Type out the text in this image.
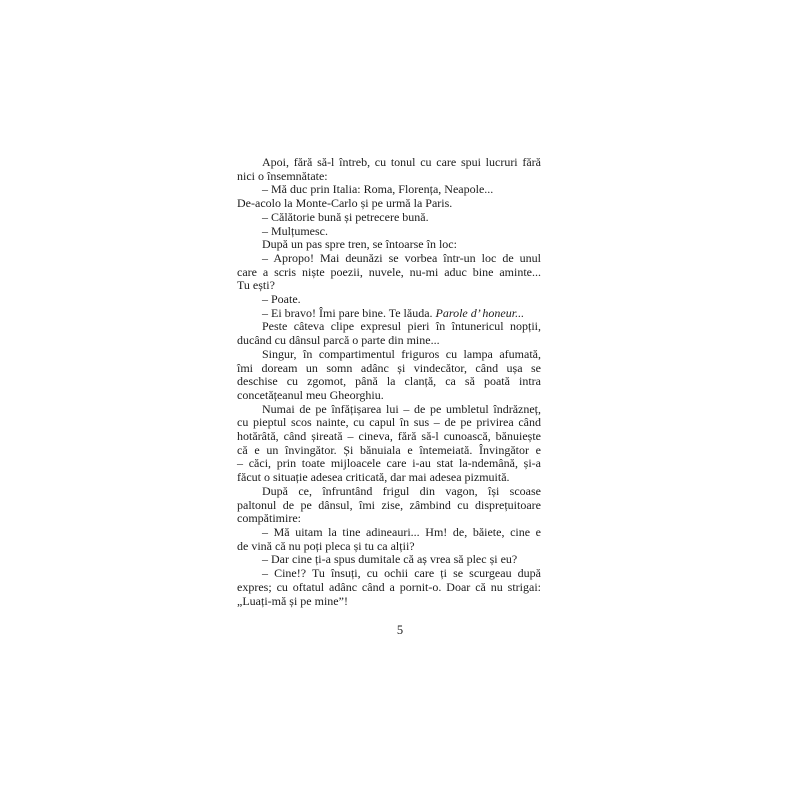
Apoi, fără să-l întreb, cu tonul cu care spui lucruri fără
nici o însemnătate:
– Mă duc prin Italia: Roma, Florența, Neapole...
De-acolo la Monte-Carlo și pe urmă la Paris.
– Călătorie bună și petrecere bună.
– Mulțumesc.
După un pas spre tren, se întoarse în loc:
– Apropo! Mai deunăzi se vorbea într-un loc de unul
care a scris niște poezii, nuvele, nu-mi aduc bine aminte...
Tu ești?
– Poate.
– Ei bravo! Îmi pare bine. Te lăuda. Parole d’ honeur...
Peste câteva clipe expresul pieri în întunericul nopții,
ducând cu dânsul parcă o parte din mine...
Singur, în compartimentul friguros cu lampa afumată,
îmi doream un somn adânc și vindecător, când ușa se
deschise cu zgomot, până la clanță, ca să poată intra
concetățeanul meu Gheorghiu.
Numai de pe înfățișarea lui – de pe umbletul îndrăzneț,
cu pieptul scos nainte, cu capul în sus – de pe privirea când
hotărâtă, când șireată – cineva, fără să-l cunoască, bănuiește
că e un învingător. Și bănuiala e întemeiată. Învingător e
– căci, prin toate mijloacele care i-au stat la-ndemână, și-a
făcut o situație adesea criticată, dar mai adesea pizmuită.
După ce, înfruntând frigul din vagon, își scoase
paltonul de pe dânsul, îmi zise, zâmbind cu disprețuitoare
compătimire:
– Mă uitam la tine adineauri... Hm! de, băiete, cine e
de vină că nu poți pleca și tu ca alții?
– Dar cine ți-a spus dumitale că aș vrea să plec și eu?
– Cine!? Tu însuți, cu ochii care ți se scurgeau după
expres; cu oftatul adânc când a pornit-o. Doar că nu strigai:
„Luați-mă și pe mine”!
5
